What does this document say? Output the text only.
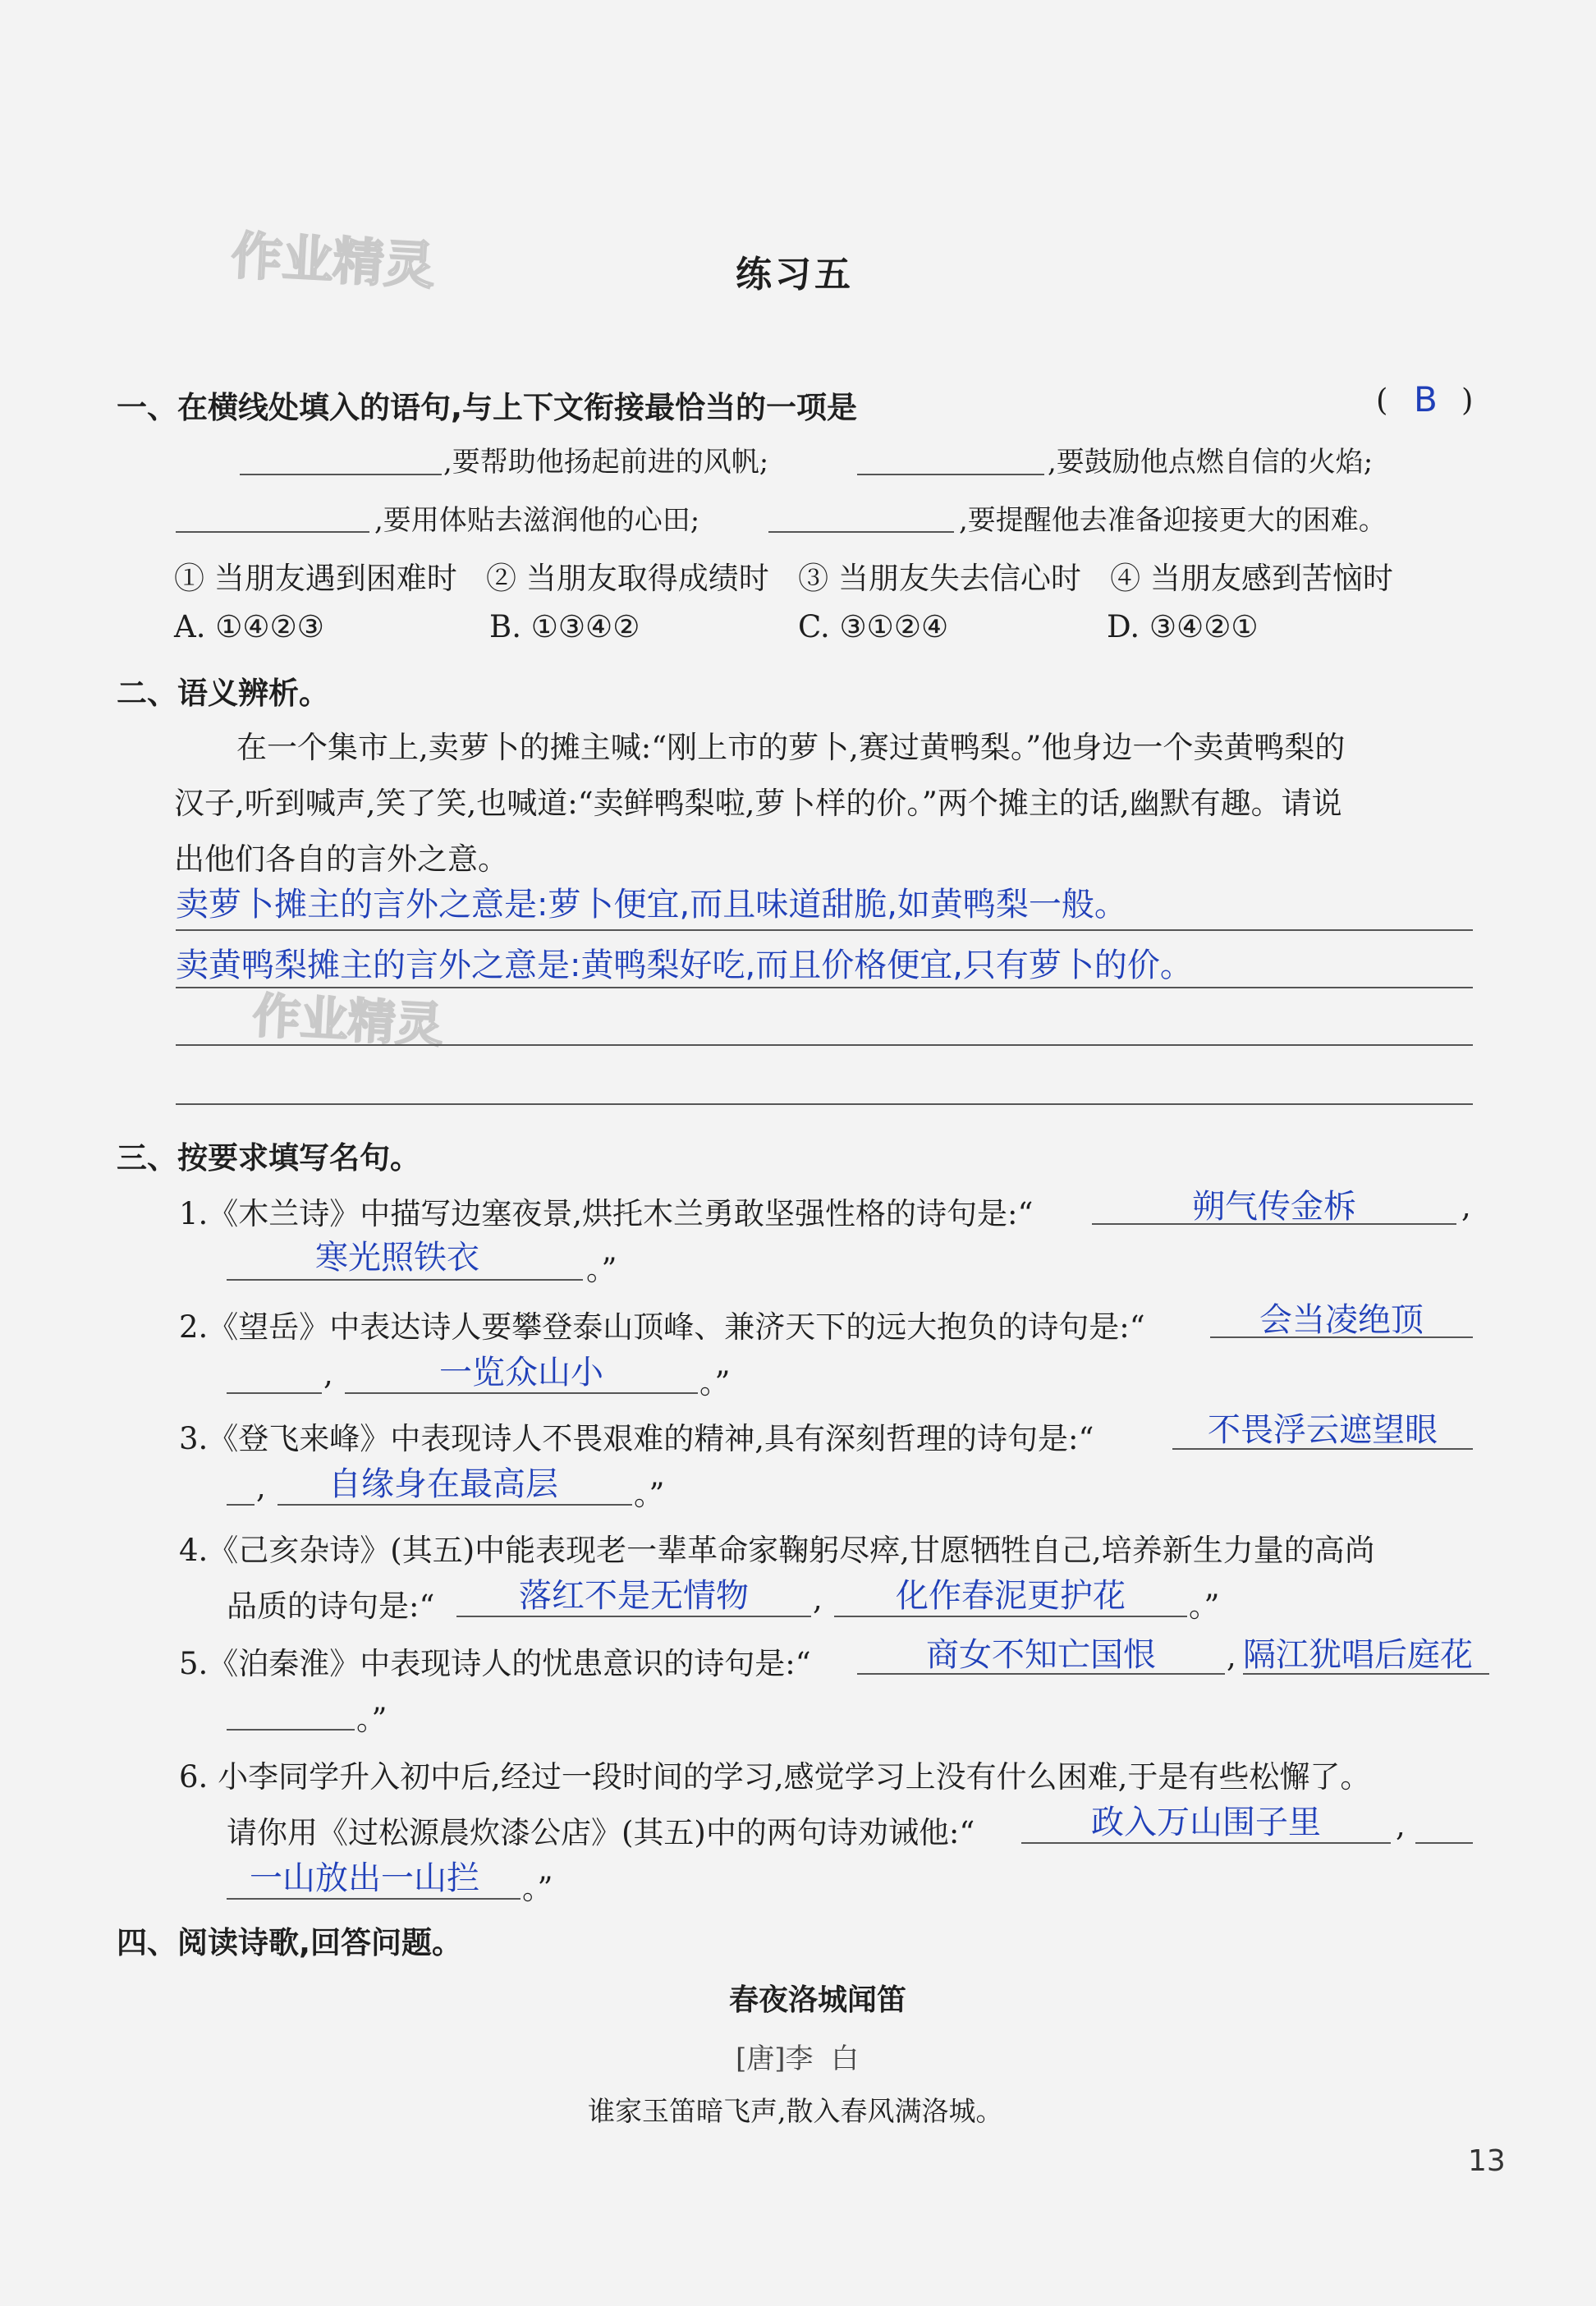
作业精灵
作业精灵
练习五
一、在横线处填入的语句,与上下文衔接最恰当的一项是	( B )
,要帮助他扬起前进的风帆;	,要鼓励他点燃自信的火焰;
,要用体贴去滋润他的心田;	,要提醒他去准备迎接更大的困难。
① 当朋友遇到困难时   ② 当朋友取得成绩时   ③ 当朋友失去信心时   ④ 当朋友感到苦恼时
A. ①④②③	B. ①③④②	C. ③①②④	D. ③④②①
二、语义辨析。
在一个集市上,卖萝卜的摊主喊:“刚上市的萝卜,赛过黄鸭梨。”他身边一个卖黄鸭梨的
汉子,听到喊声,笑了笑,也喊道:“卖鲜鸭梨啦,萝卜样的价。”两个摊主的话,幽默有趣。请说
出他们各自的言外之意。
卖萝卜摊主的言外之意是:萝卜便宜,而且味道甜脆,如黄鸭梨一般。
卖黄鸭梨摊主的言外之意是:黄鸭梨好吃,而且价格便宜,只有萝卜的价。
三、按要求填写名句。
1.《木兰诗》中描写边塞夜景,烘托木兰勇敢坚强性格的诗句是:“	朔气传金柝	,
寒光照铁衣	。”
2.《望岳》中表达诗人要攀登泰山顶峰、兼济天下的远大抱负的诗句是:“	会当凌绝顶
,	一览众山小	。”
3.《登飞来峰》中表现诗人不畏艰难的精神,具有深刻哲理的诗句是:“	不畏浮云遮望眼
,	自缘身在最高层	。”
4.《己亥杂诗》(其五)中能表现老一辈革命家鞠躬尽瘁,甘愿牺牲自己,培养新生力量的高尚
品质的诗句是:“	落红不是无情物	,	化作春泥更护花	。”
5.《泊秦淮》中表现诗人的忧患意识的诗句是:“	商女不知亡国恨	, 隔江犹唱后庭花
。”
6. 小李同学升入初中后,经过一段时间的学习,感觉学习上没有什么困难,于是有些松懈了。
请你用《过松源晨炊漆公店》(其五)中的两句诗劝诫他:“	政入万山围子里	,
一山放出一山拦	。”
四、阅读诗歌,回答问题。
春夜洛城闻笛
[唐]李  白
谁家玉笛暗飞声,散入春风满洛城。
13
